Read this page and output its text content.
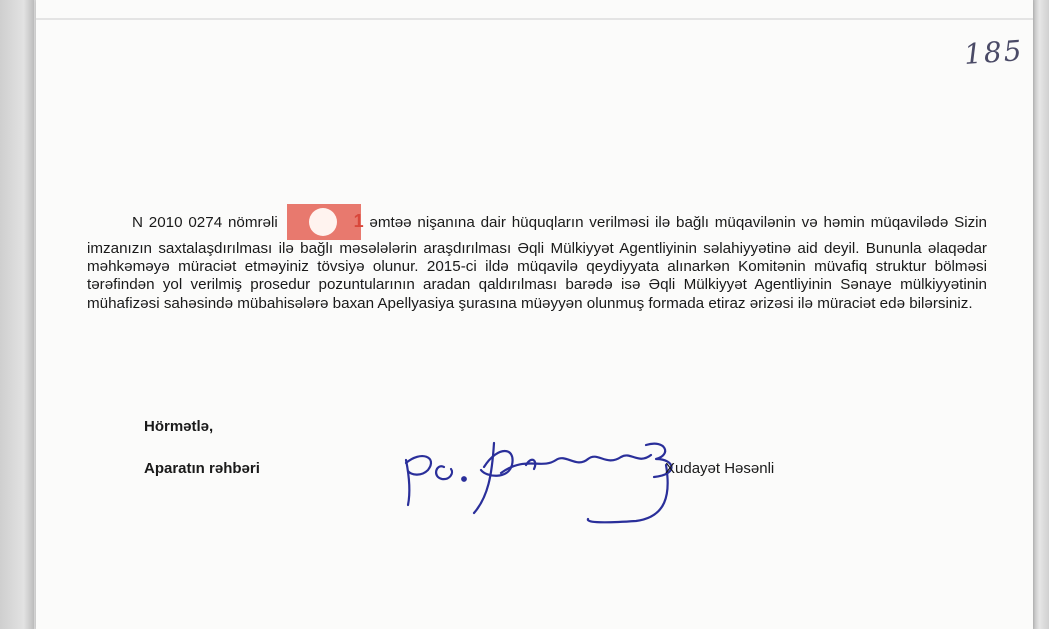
185

N 2010 0274 nömrəli	1 əmtəə nişanına dair hüquqların verilməsi ilə bağlı müqavilənin və həmin müqavilədə Sizin imzanızın saxtalaşdırılması ilə bağlı məsələlərin araşdırılması Əqli Mülkiyyət Agentliyinin səlahiyyətinə aid deyil. Bununla əlaqədar məhkəməyə müraciət etməyiniz tövsiyə olunur. 2015-ci ildə müqavilə qeydiyyata alınarkən Komitənin müvafiq struktur bölməsi tərəfindən yol verilmiş prosedur pozuntularının aradan qaldırılması barədə isə Əqli Mülkiyyət Agentliyinin Sənaye mülkiyyətinin mühafizəsi sahəsində mübahisələrə baxan Apellyasiya şurasına müəyyən olunmuş formada etiraz ərizəsi ilə müraciət edə bilərsiniz.

Hörmətlə,
Aparatın rəhbəri	Xudayət Həsənli
